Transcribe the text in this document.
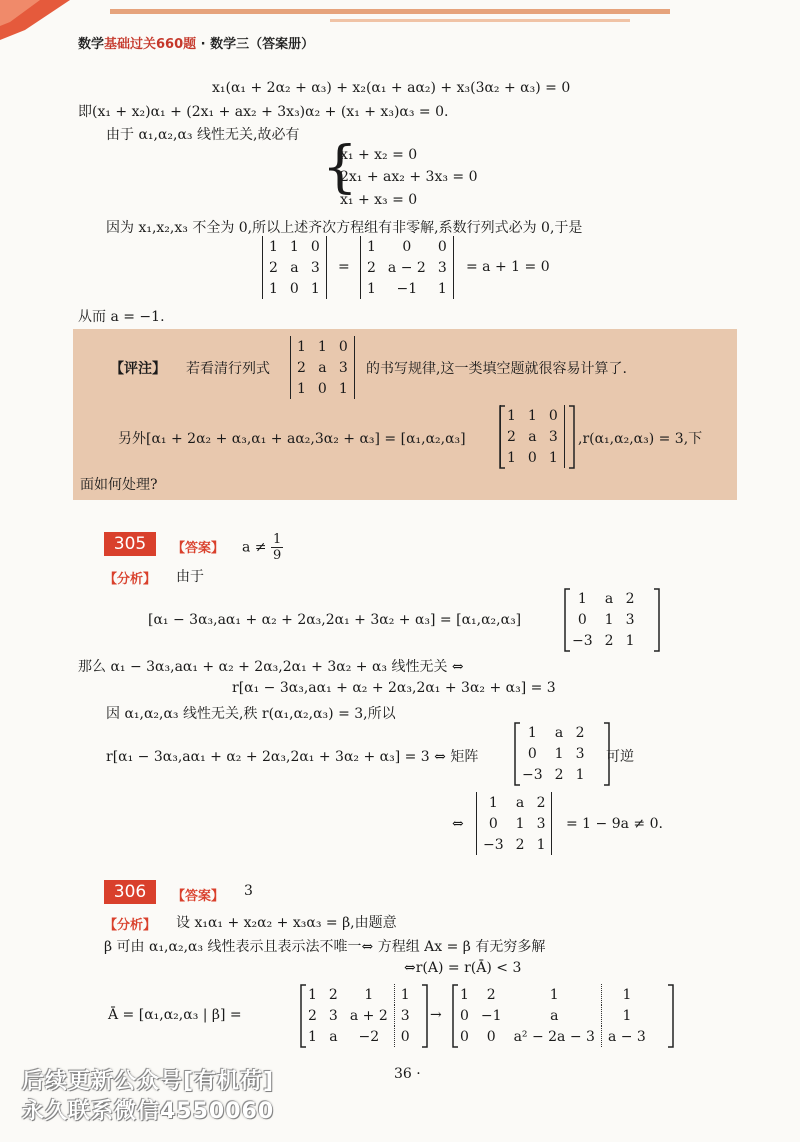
数学基础过关660题 · 数学三（答案册）
x₁(α₁ + 2α₂ + α₃) + x₂(α₁ + aα₂) + x₃(3α₂ + α₃) = 0
即(x₁ + x₂)α₁ + (2x₁ + ax₂ + 3x₃)α₂ + (x₁ + x₃)α₃ = 0.
由于 α₁,α₂,α₃ 线性无关,故必有 {
x₁ + x₂ = 0
2x₁ + ax₂ + 3x₃ = 0
x₁ + x₃ = 0
因为 x₁,x₂,x₃ 不全为 0,所以上述齐次方程组有非零解,系数行列式必为 0,于是
1	1	0
2	a	3
1	0	1
=
1	0	0
2	a − 2	3
1	−1	1
= a + 1 = 0
从而 a = −1.
【评注】 若看清行列式
1	1	0
2	a	3
1	0	1
的书写规律,这一类填空题就很容易计算了.
另外[α₁ + 2α₂ + α₃,α₁ + aα₂,3α₂ + α₃] = [α₁,α₂,α₃]
1	1	0
2	a	3
1	0	1
,r(α₁,α₂,α₃) = 3,下
面如何处理?
305	【答案】 $a \ne \frac{1}{9}$
【分析】 由于
[α₁ − 3α₃,aα₁ + α₂ + 2α₃,2α₁ + 3α₂ + α₃] = [α₁,α₂,α₃]
1	a	2
0	1	3
−3	2	1
那么 α₁ − 3α₃,aα₁ + α₂ + 2α₃,2α₁ + 3α₂ + α₃ 线性无关 ⇔
r[α₁ − 3α₃,aα₁ + α₂ + 2α₃,2α₁ + 3α₂ + α₃] = 3
因 α₁,α₂,α₃ 线性无关,秩 r(α₁,α₂,α₃) = 3,所以
r[α₁ − 3α₃,aα₁ + α₂ + 2α₃,2α₁ + 3α₂ + α₃] = 3 ⇔ 矩阵
1	a	2
0	1	3
−3	2	1
可逆
⇔
1	a	2
0	1	3
−3	2	1
= 1 − 9a ≠ 0.
306	【答案】 3
【分析】 设 x₁α₁ + x₂α₂ + x₃α₃ = β,由题意
β 可由 α₁,α₂,α₃ 线性表示且表示法不唯一⇔ 方程组 Ax = β 有无穷多解
⇔r(A) = r(Ā) < 3
Ā = [α₁,α₂,α₃ | β] =
1	2	1	1
2	3	a + 2	3
1	a	−2	0
→
1	2	1	1
0	−1	a	1
0	0	a² − 2a − 3	a − 3
36 ·
后续更新公众号[有机荷]
永久联系微信4550060
